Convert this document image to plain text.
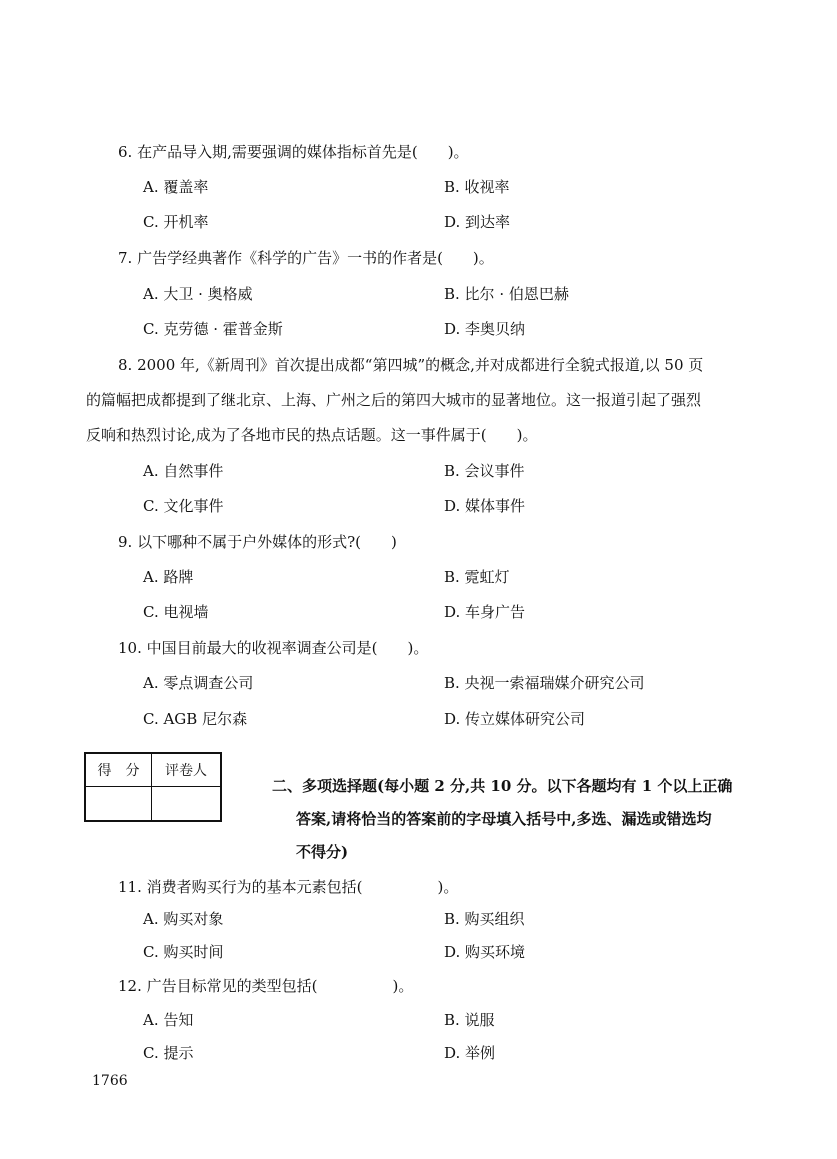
6. 在产品导入期,需要强调的媒体指标首先是(　　)。
A. 覆盖率	B. 收视率
C. 开机率	D. 到达率
7. 广告学经典著作《科学的广告》一书的作者是(　　)。
A. 大卫 · 奥格威	B. 比尔 · 伯恩巴赫
C. 克劳德 · 霍普金斯	D. 李奥贝纳
8. 2000 年,《新周刊》首次提出成都“第四城”的概念,并对成都进行全貌式报道,以 50 页
的篇幅把成都提到了继北京、上海、广州之后的第四大城市的显著地位。这一报道引起了强烈
反响和热烈讨论,成为了各地市民的热点话题。这一事件属于(　　)。
A. 自然事件	B. 会议事件
C. 文化事件	D. 媒体事件
9. 以下哪种不属于户外媒体的形式?(　　)
A. 路牌	B. 霓虹灯
C. 电视墙	D. 车身广告
10. 中国目前最大的收视率调查公司是(　　)。
A. 零点调查公司	B. 央视一索福瑞媒介研究公司
C. AGB 尼尔森	D. 传立媒体研究公司
得　分	评卷人

二、多项选择题(每小题 2 分,共 10 分。以下各题均有 1 个以上正确
答案,请将恰当的答案前的字母填入括号中,多选、漏选或错选均
不得分)
11. 消费者购买行为的基本元素包括(　　　　　)。
A. 购买对象	B. 购买组织
C. 购买时间	D. 购买环境
12. 广告目标常见的类型包括(　　　　　)。
A. 告知	B. 说服
C. 提示	D. 举例
1766
